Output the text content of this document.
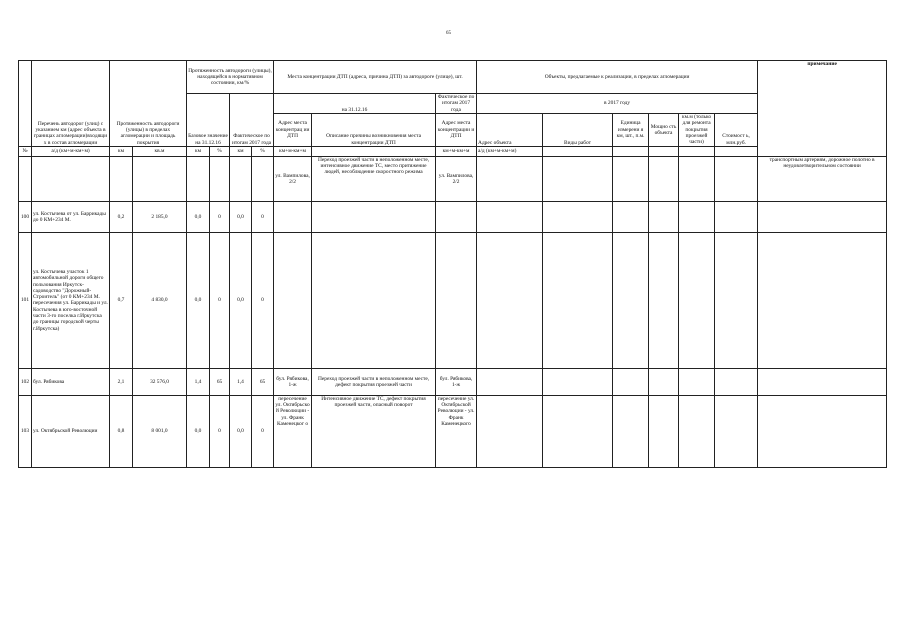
65
	Перечень автодорог (улиц) с указанием км (адрес объекта в границах агломерации)входящи х в состав агломерации	Протяженность автодороги (улицы) в пределах агломерации и площадь покрытия		Протяженность автодороги (улицы), находящейся в нормативном состоянии, км/%				Места концентрации ДТП (адреса, причина ДТП) за автодороге (улице), шт.			Объекты, предлагаемые к реализации, в пределах агломерации						примечание
				Базовое значение на 31.12.16		Фактическое по итогам 2017 года		на 31.12.16		Фактическое по итогам 2017 года	в 2017 году						
								Адрес места концентрац ии ДТП	Описание причины возникновения места концентрации ДТП	Адрес места концентрации и ДТП	Адрес объекта	Виды работ	Единица измерени я км, шт., п.м.	Мощно сть объекта	км.м (только для ремонта покрытия проезжей части)	Стоимост ь, млн.руб.	
№	а/д (км+м-км+м)	км	кв.м	км	%	км	%	км+м-км+м		км+м-км+м	а/д (км+м-км+м)						
								ул. Вампилова, 2/2	Переход проезжей части в неположенном месте, интенсивное движение ТС, место притяжение людей, несоблюдение скоростного режима	ул. Вампилова, 2/2							транспортным артериям, дорожное полотно в неудовлетворительном состоянии
100	ул. Костычева от ул. Баррикады до 0 КМ+234 М.	0,2	2 185,0	0,0	0	0,0	0										
101	ул. Костычева участок 1 автомобильной дороги общего пользования Иркутск-садоводство "Дорожный-Строитель" (от 0 КМ+234 М. пересечения ул. Баррикады и ул. Костычева в юго-восточной части 3-го поселка г.Иркутска до границы городской черты г.Иркутска)	0,7	4 830,0	0,0	0	0,0	0										
102	бул. Рябикова	2,1	32 576,0	1,4	65	1,4	65	бул. Рябикова, 1-ж	Переход проезжей части в неположенном месте, дефект покрытия проезжей части	бул. Рябикова, 1-ж							
103	ул. Октябрьской Революции	0,8	8 001,0	0,0	0	0,0	0	пересечение ул. Октябрьско й Революции - ул. Франк Каменецког о	Интенсивное движение ТС, дефект покрытия проезжей части, опасный поворот	пересечение ул. Октябрьской Революции - ул. Франк Каменецкого							
